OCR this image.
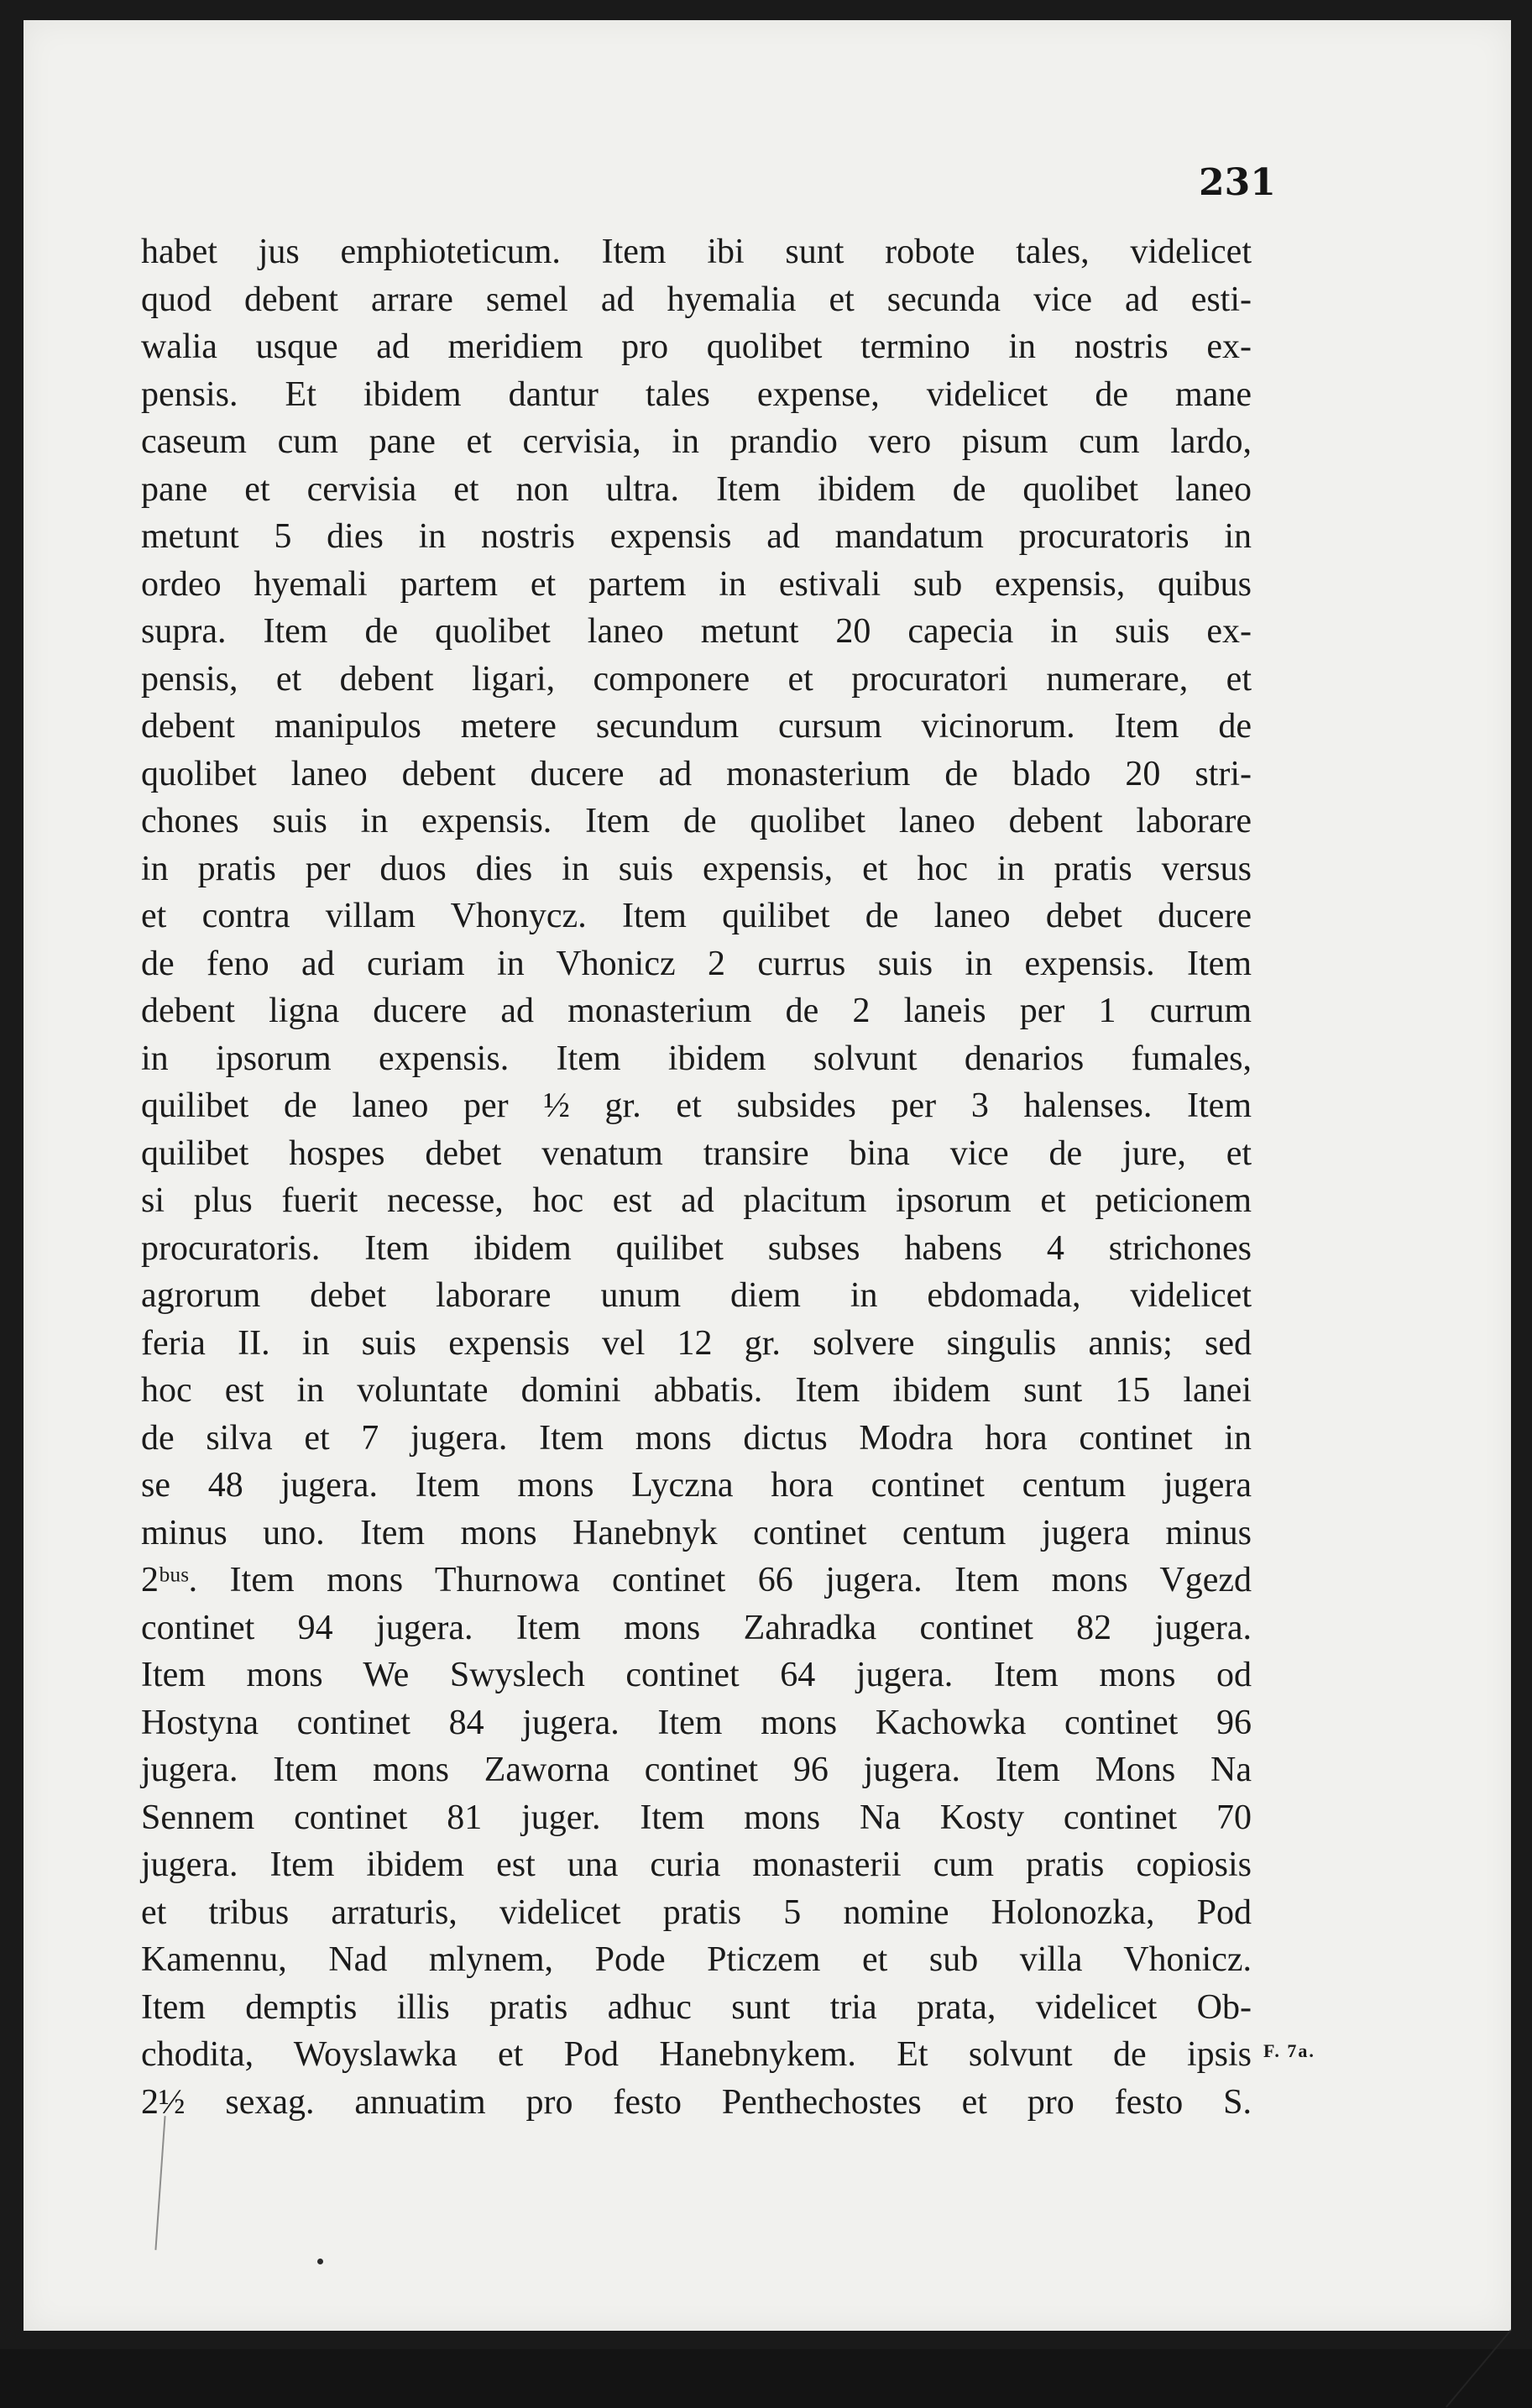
231
habet jus emphioteticum. Item ibi sunt robote tales, videlicet
quod debent arrare semel ad hyemalia et secunda vice ad esti-
walia usque ad meridiem pro quolibet termino in nostris ex-
pensis. Et ibidem dantur tales expense, videlicet de mane
caseum cum pane et cervisia, in prandio vero pisum cum lardo,
pane et cervisia et non ultra. Item ibidem de quolibet laneo
metunt 5 dies in nostris expensis ad mandatum procuratoris in
ordeo hyemali partem et partem in estivali sub expensis, quibus
supra. Item de quolibet laneo metunt 20 capecia in suis ex-
pensis, et debent ligari, componere et procuratori numerare, et
debent manipulos metere secundum cursum vicinorum. Item de
quolibet laneo debent ducere ad monasterium de blado 20 stri-
chones suis in expensis. Item de quolibet laneo debent laborare
in pratis per duos dies in suis expensis, et hoc in pratis versus
et contra villam Vhonycz. Item quilibet de laneo debet ducere
de feno ad curiam in Vhonicz 2 currus suis in expensis. Item
debent ligna ducere ad monasterium de 2 laneis per 1 currum
in ipsorum expensis. Item ibidem solvunt denarios fumales,
quilibet de laneo per ½ gr. et subsides per 3 halenses. Item
quilibet hospes debet venatum transire bina vice de jure, et
si plus fuerit necesse, hoc est ad placitum ipsorum et peticionem
procuratoris. Item ibidem quilibet subses habens 4 strichones
agrorum debet laborare unum diem in ebdomada, videlicet
feria II. in suis expensis vel 12 gr. solvere singulis annis; sed
hoc est in voluntate domini abbatis. Item ibidem sunt 15 lanei
de silva et 7 jugera. Item mons dictus Modra hora continet in
se 48 jugera. Item mons Lyczna hora continet centum jugera
minus uno. Item mons Hanebnyk continet centum jugera minus
2ᵇᵘˢ. Item mons Thurnowa continet 66 jugera. Item mons Vgezd
continet 94 jugera. Item mons Zahradka continet 82 jugera.
Item mons We Swyslech continet 64 jugera. Item mons od
Hostyna continet 84 jugera. Item mons Kachowka continet 96
jugera. Item mons Zaworna continet 96 jugera. Item Mons Na
Sennem continet 81 juger. Item mons Na Kosty continet 70
jugera. Item ibidem est una curia monasterii cum pratis copiosis
et tribus arraturis, videlicet pratis 5 nomine Holonozka, Pod
Kamennu, Nad mlynem, Pode Pticzem et sub villa Vhonicz.
Item demptis illis pratis adhuc sunt tria prata, videlicet Ob-
chodita, Woyslawka et Pod Hanebnykem. Et solvunt de ipsis
2½ sexag. annuatim pro festo Penthechostes et pro festo S.
F. 7a.
